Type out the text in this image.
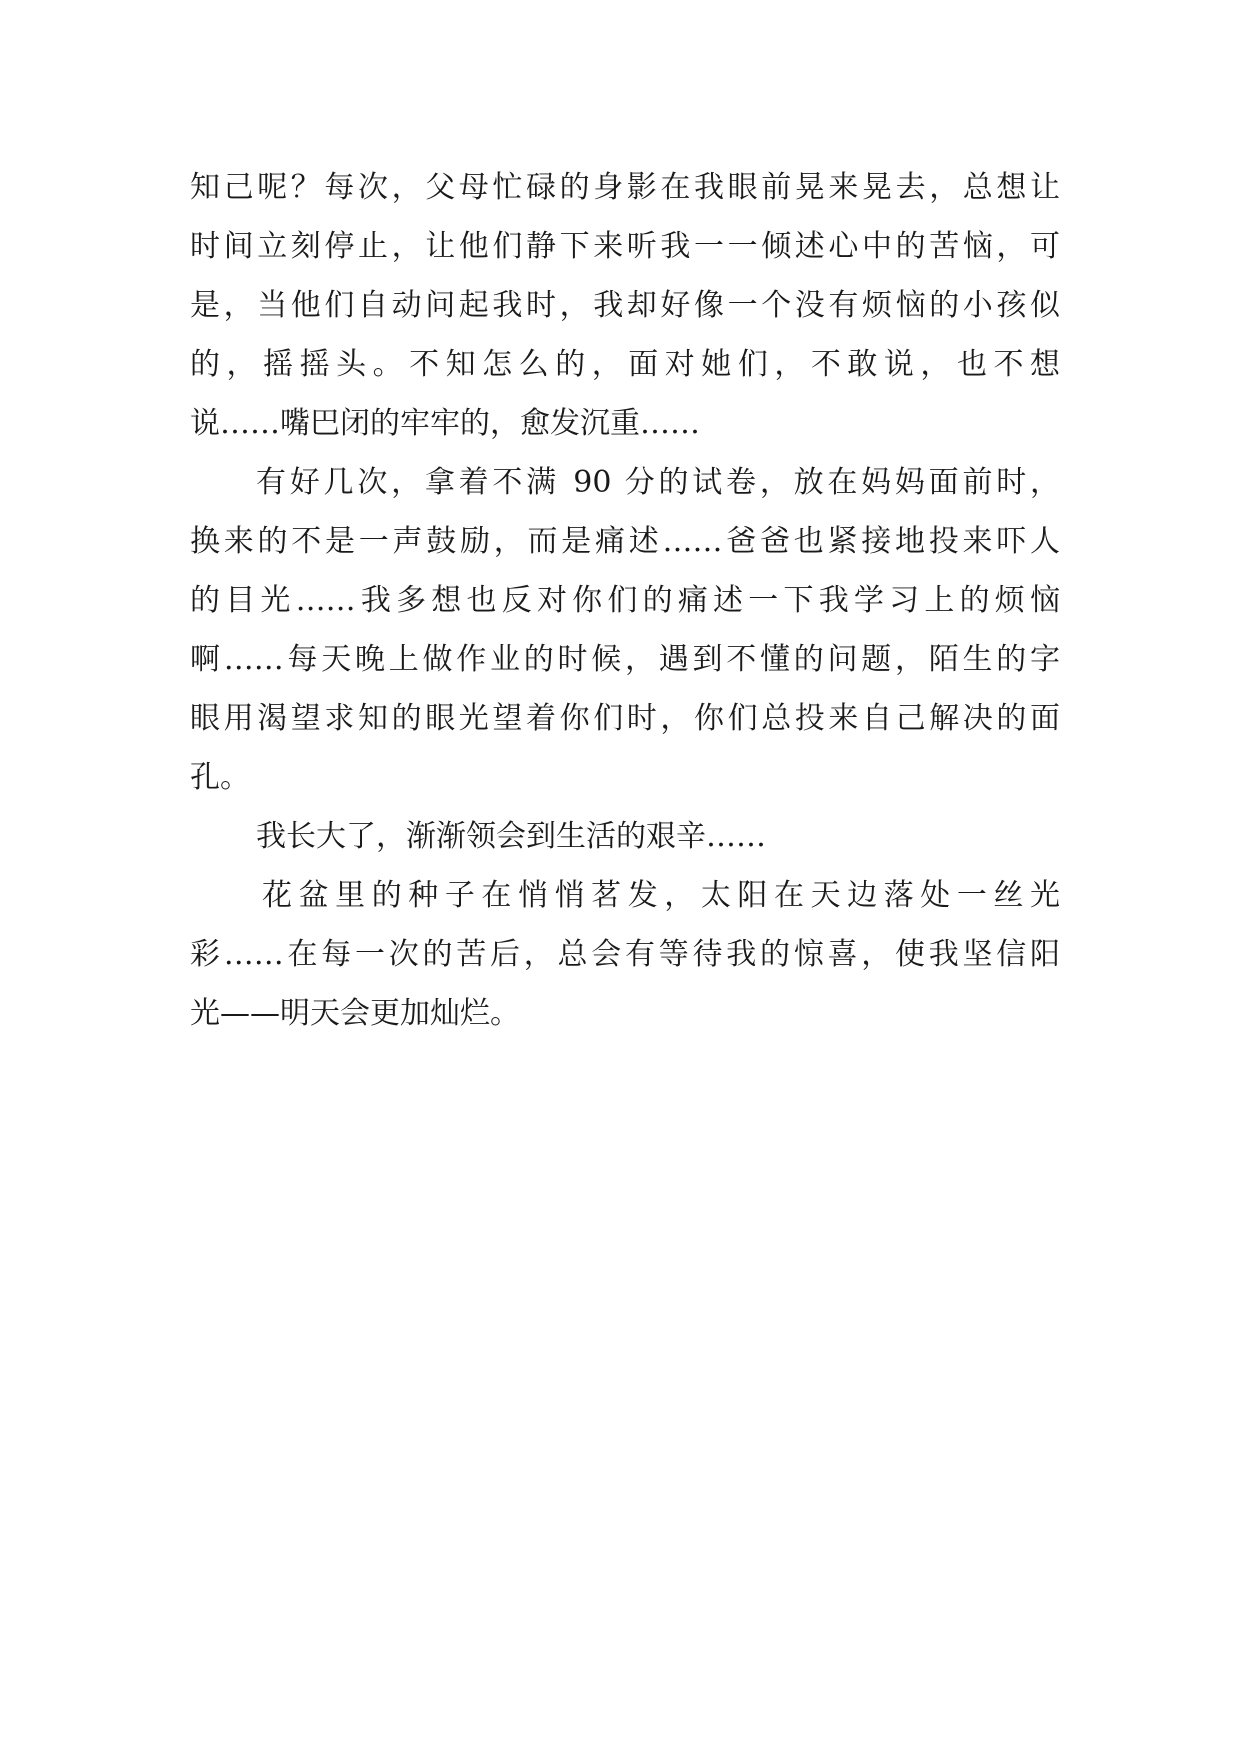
知己呢？每次，父母忙碌的身影在我眼前晃来晃去，总想让
时间立刻停止，让他们静下来听我一一倾述心中的苦恼，可
是，当他们自动问起我时，我却好像一个没有烦恼的小孩似
的，摇摇头。不知怎么的，面对她们，不敢说，也不想
说……嘴巴闭的牢牢的，愈发沉重……
有好几次，拿着不满 90 分的试卷，放在妈妈面前时，
换来的不是一声鼓励，而是痛述……爸爸也紧接地投来吓人
的目光……我多想也反对你们的痛述一下我学习上的烦恼
啊……每天晚上做作业的时候，遇到不懂的问题，陌生的字
眼用渴望求知的眼光望着你们时，你们总投来自己解决的面
孔。
我长大了，渐渐领会到生活的艰辛……
花盆里的种子在悄悄茗发，太阳在天边落处一丝光
彩……在每一次的苦后，总会有等待我的惊喜，使我坚信阳
光——明天会更加灿烂。
